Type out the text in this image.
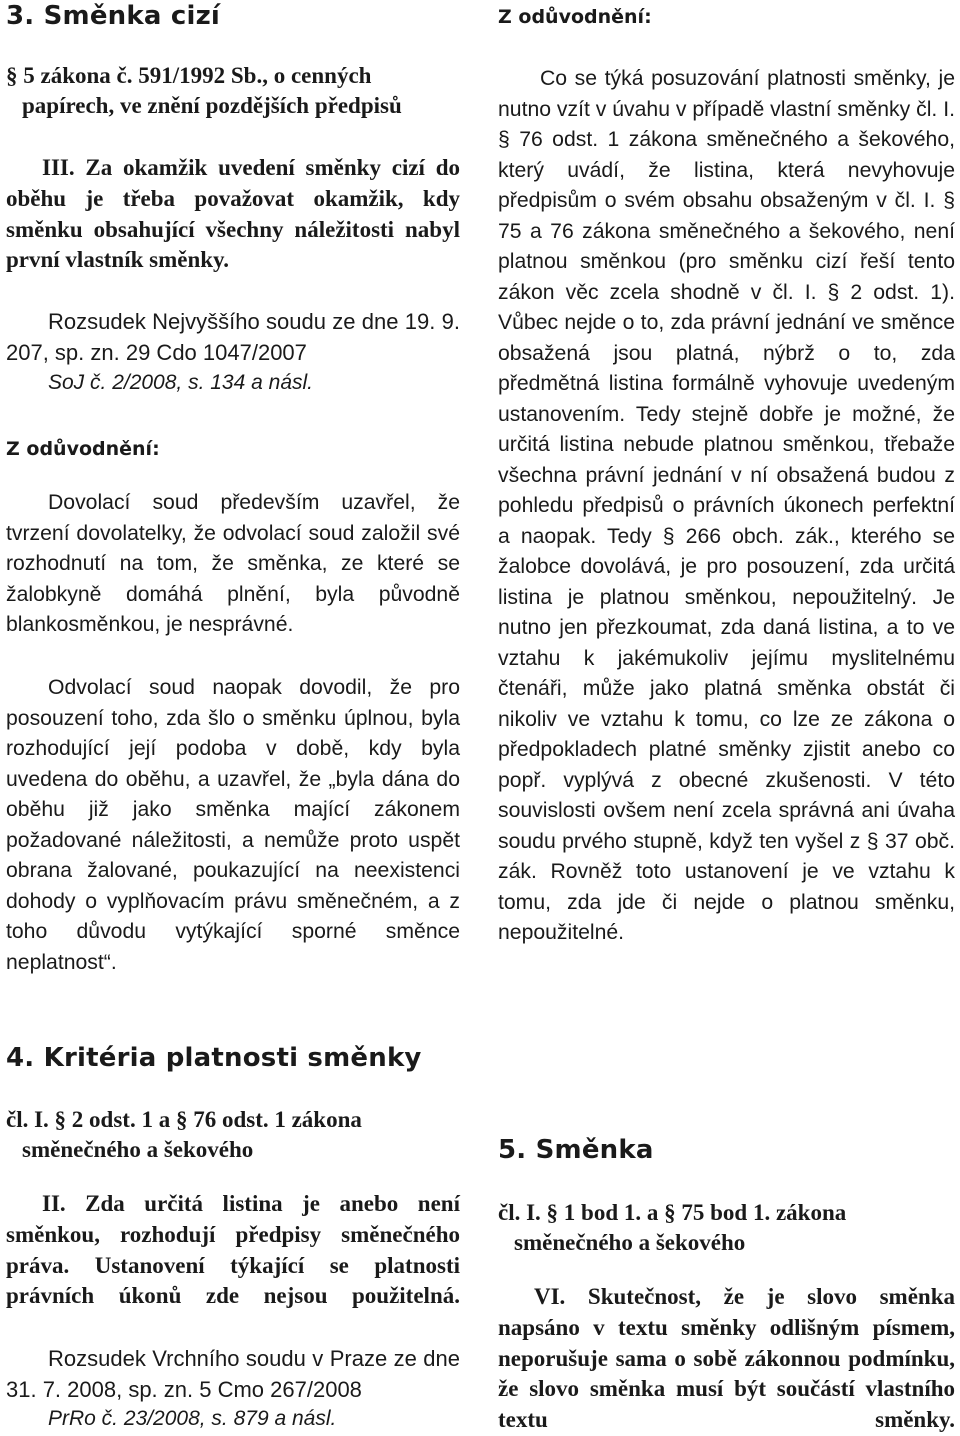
3. Směnka cizí

§ 5 zákona č. 591/1992 Sb., o cenných papírech, ve znění pozdějších předpisů

III. Za okamžik uvedení směnky cizí do oběhu je třeba považovat okamžik, kdy směnku obsahující všechny náležitosti nabyl první vlastník směnky.

Rozsudek Nejvyššího soudu ze dne 19. 9. 207, sp. zn. 29 Cdo 1047/2007

SoJ č. 2/2008, s. 134 a násl.

Z odůvodnění:

Dovolací soud především uzavřel, že tvrzení dovolatelky, že odvolací soud založil své rozhodnutí na tom, že směnka, ze které se žalobkyně domáhá plnění, byla původně blankosměnkou, je nesprávné.

Odvolací soud naopak dovodil, že pro posouzení toho, zda šlo o směnku úplnou, byla rozhodující její podoba v době, kdy byla uvedena do oběhu, a uzavřel, že „byla dána do oběhu již jako směnka mající zákonem požadované náležitosti, a nemůže proto uspět obrana žalované, poukazující na neexistenci dohody o vyplňovacím právu směnečném, a z toho důvodu vytýkající sporné směnce neplatnost“.

4. Kritéria platnosti směnky

čl. I. § 2 odst. 1 a § 76 odst. 1 zákona směnečného a šekového

II. Zda určitá listina je anebo není směnkou, rozhodují předpisy směnečného práva. Ustanovení týkající se platnosti právních úkonů zde nejsou použitelná.

Rozsudek Vrchního soudu v Praze ze dne 31. 7. 2008, sp. zn. 5 Cmo 267/2008

PrRo č. 23/2008, s. 879 a násl.

Z odůvodnění:

Co se týká posuzování platnosti směnky, je nutno vzít v úvahu v případě vlastní směnky čl. I. § 76 odst. 1 zákona směnečného a šekového, který uvádí, že listina, která nevyhovuje předpisům o svém obsahu obsaženým v čl. I. § 75 a 76 zákona směnečného a šekového, není platnou směnkou (pro směnku cizí řeší tento zákon věc zcela shodně v čl. I. § 2 odst. 1). Vůbec nejde o to, zda právní jednání ve směnce obsažená jsou platná, nýbrž o to, zda předmětná listina formálně vyhovuje uvedeným ustanovením. Tedy stejně dobře je možné, že určitá listina nebude platnou směnkou, třebaže všechna právní jednání v ní obsažená budou z pohledu předpisů o právních úkonech perfektní a naopak. Tedy § 266 obch. zák., kterého se žalobce dovolává, je pro posouzení, zda určitá listina je platnou směnkou, nepoužitelný. Je nutno jen přezkoumat, zda daná listina, a to ve vztahu k jakémukoliv jejímu myslitelnému čtenáři, může jako platná směnka obstát či nikoliv ve vztahu k tomu, co lze ze zákona o předpokladech platné směnky zjistit anebo co popř. vyplývá z obecné zkušenosti. V této souvislosti ovšem není zcela správná ani úvaha soudu prvého stupně, když ten vyšel z § 37 obč. zák. Rovněž toto ustanovení je ve vztahu k tomu, zda jde či nejde o platnou směnku, nepoužitelné.

5. Směnka

čl. I. § 1 bod 1. a § 75 bod 1. zákona směnečného a šekového

VI. Skutečnost, že je slovo směnka napsáno v textu směnky odlišným písmem, neporušuje sama o sobě zákonnou podmínku, že slovo směnka musí být součástí vlastního textu směnky.
